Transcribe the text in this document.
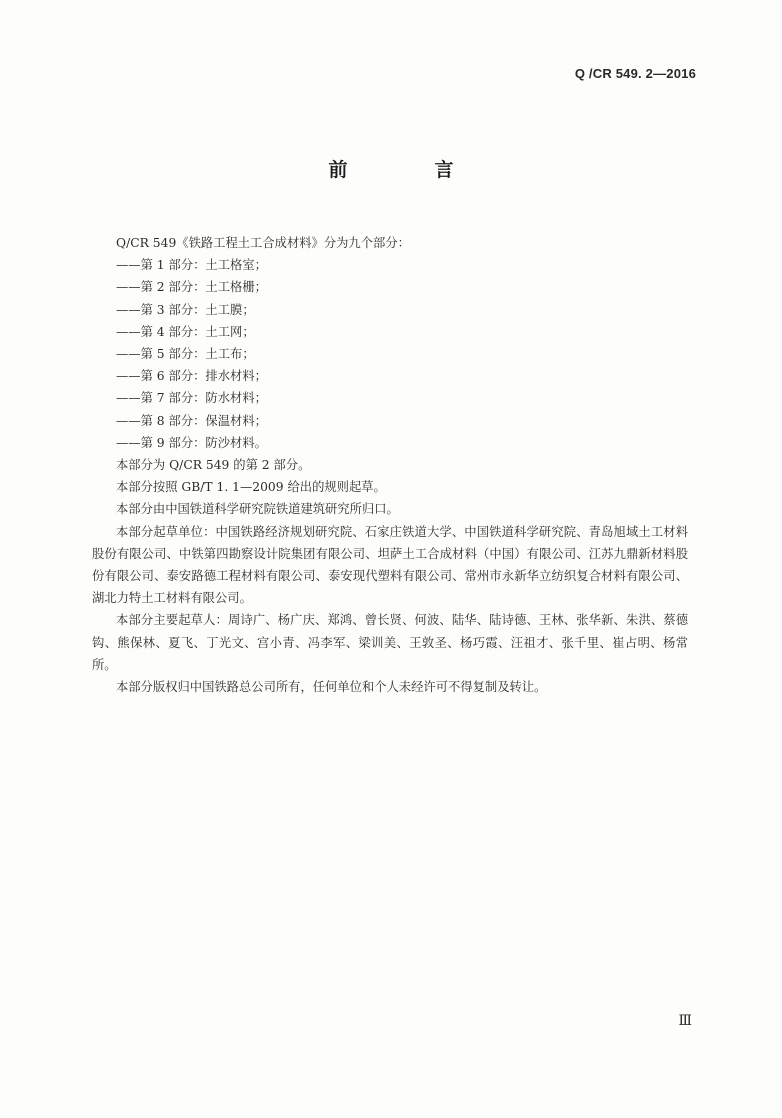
Q /CR 549. 2—2016
前　言

Q/CR 549《铁路工程土工合成材料》分为九个部分：

——第 1 部分：土工格室；

——第 2 部分：土工格栅；

——第 3 部分：土工膜；

——第 4 部分：土工网；

——第 5 部分：土工布；

——第 6 部分：排水材料；

——第 7 部分：防水材料；

——第 8 部分：保温材料；

——第 9 部分：防沙材料。

本部分为 Q/CR 549 的第 2 部分。

本部分按照 GB/T 1. 1—2009 给出的规则起草。

本部分由中国铁道科学研究院铁道建筑研究所归口。

本部分起草单位：中国铁路经济规划研究院、石家庄铁道大学、中国铁道科学研究院、青岛旭域土工材料股份有限公司、中铁第四勘察设计院集团有限公司、坦萨土工合成材料（中国）有限公司、江苏九鼎新材料股份有限公司、泰安路德工程材料有限公司、泰安现代塑料有限公司、常州市永新华立纺织复合材料有限公司、湖北力特土工材料有限公司。

本部分主要起草人：周诗广、杨广庆、郑鸿、曾长贤、何波、陆华、陆诗德、王林、张华新、朱洪、蔡德钩、熊保林、夏飞、丁光文、宫小青、冯李军、梁训美、王敦圣、杨巧霞、汪祖才、张千里、崔占明、杨常所。

本部分版权归中国铁路总公司所有，任何单位和个人未经许可不得复制及转让。

Ⅲ
